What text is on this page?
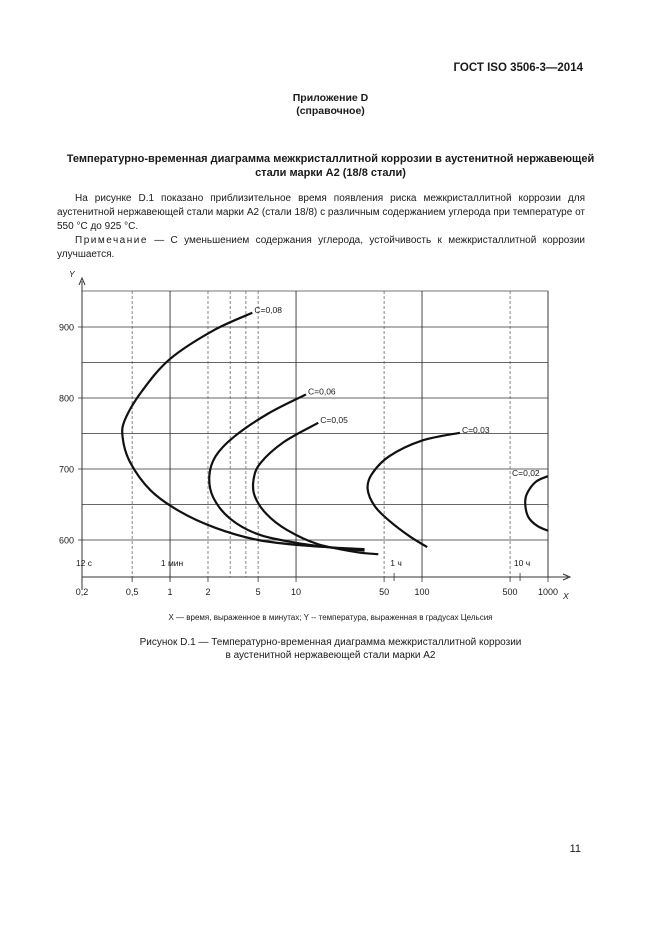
ГОСТ ISO 3506-3—2014
Приложение D
(справочное)
Температурно-временная диаграмма межкристаллитной коррозии в аустенитной нержавеющей
стали марки А2 (18/8 стали)
На рисунке D.1 показано приблизительное время появления риска межкристаллитной коррозии для аустенитной нержавеющей стали марки А2 (стали 18/8) с различным содержанием углерода при температуре от 550 °С до 925 °С.
Примечание — С уменьшением содержания углерода, устойчивость к межкристаллитной коррозии улучшается.
600
700
800
900
0,2	0,5	1	2	5	10	50	100	500 1000
12 с	1 мин	1 ч	10 ч
Y
X
C=0,08
C=0,06
C=0,05
C=0,03
C=0,02
X — время, выраженное в минутах; Y -- температура, выраженная в градусах Цельсия
Рисунок D.1 — Температурно-временная диаграмма межкристаллитной коррозии
в аустенитной нержавеющей стали марки А2
11
